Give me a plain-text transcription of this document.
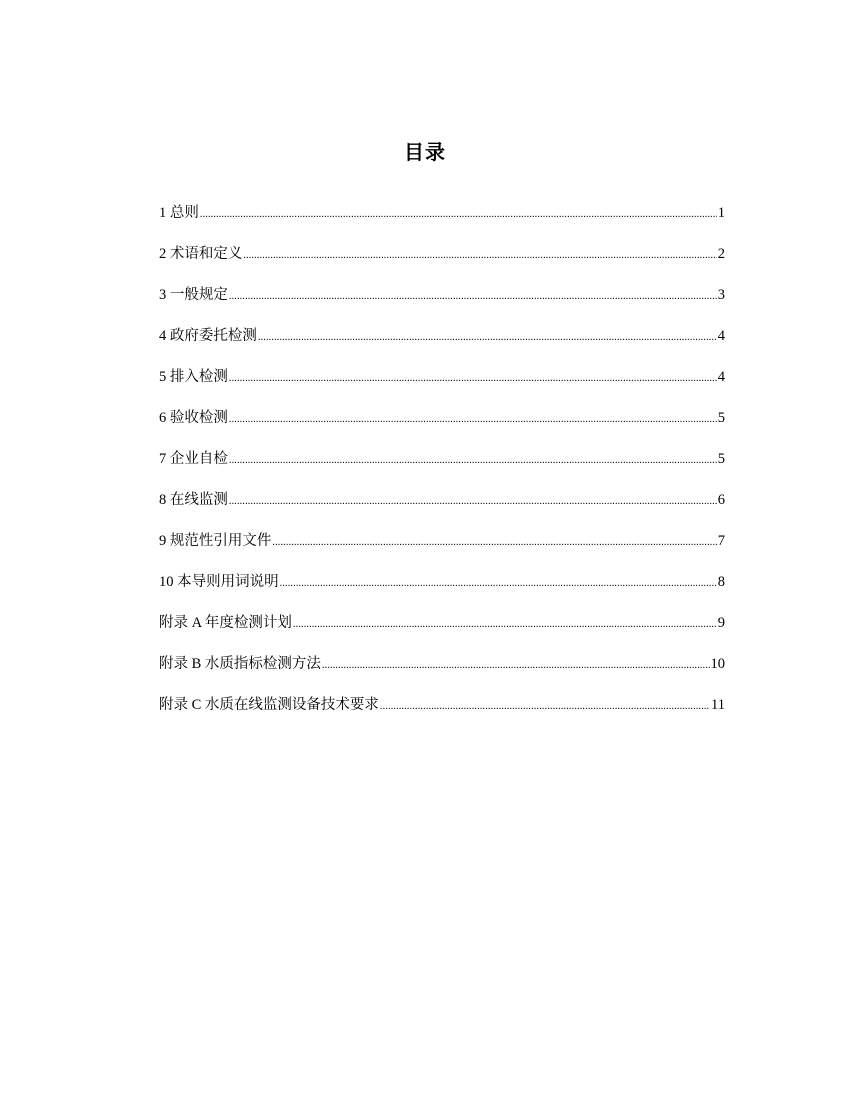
目录
1 总则 .....	1
2 术语和定义 .....	2
3 一般规定 .....	3
4 政府委托检测 .....	4
5 排入检测 .....	4
6 验收检测 .....	5
7 企业自检 .....	5
8 在线监测 .....	6
9 规范性引用文件 .....	7
10 本导则用词说明 .....	8
附录 A 年度检测计划 .....	9
附录 B 水质指标检测方法 .....	10
附录 C 水质在线监测设备技术要求 .....	11
